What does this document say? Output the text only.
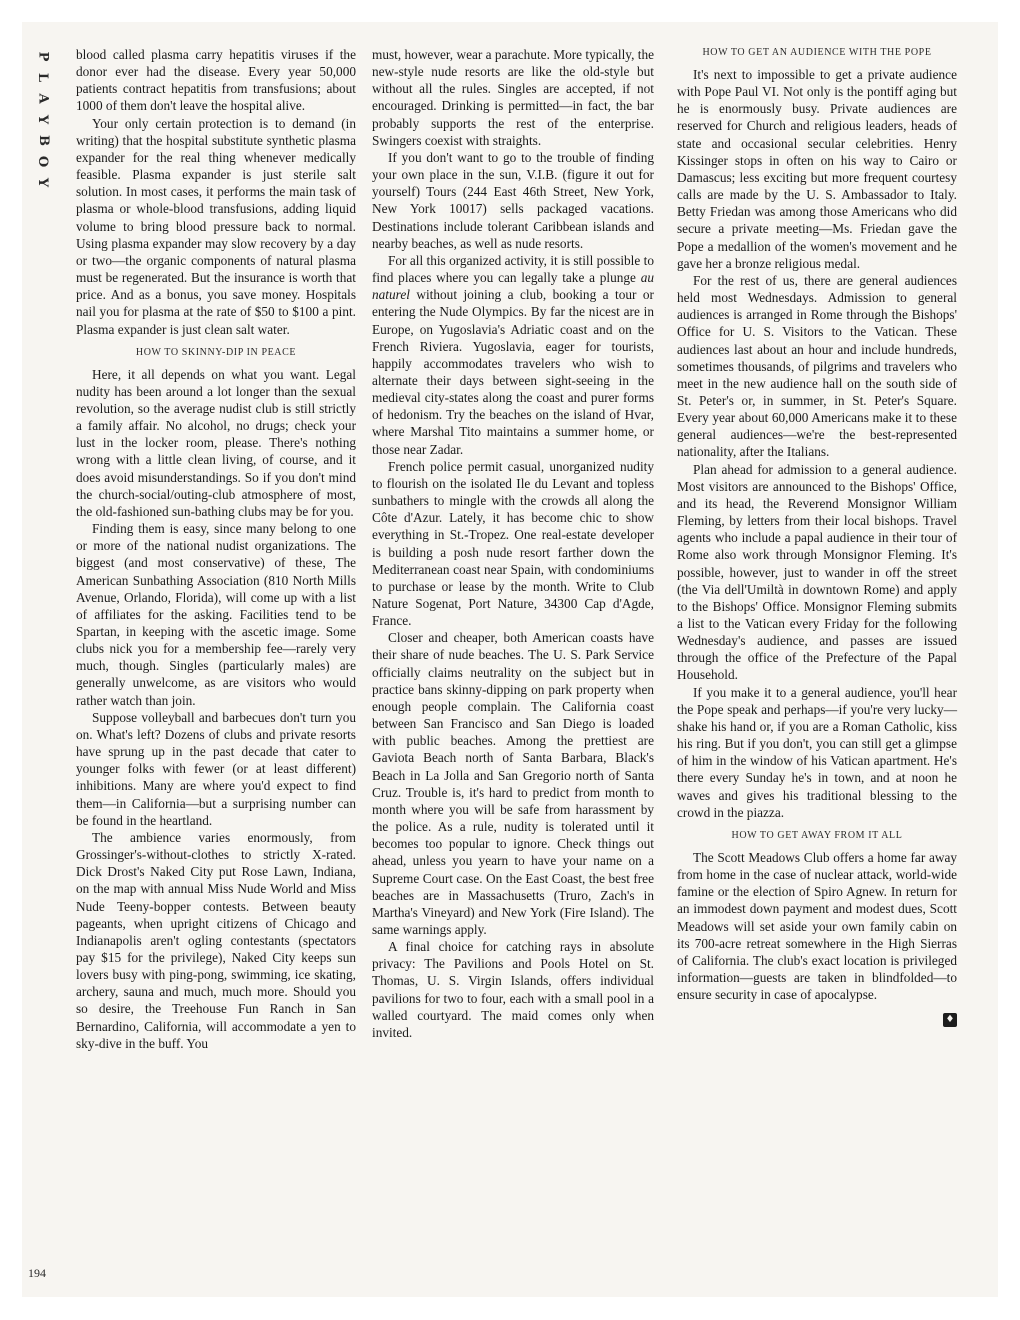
P
L
A
Y
B
O
Y

blood called plasma carry hepatitis viruses if the donor ever had the disease. Every year 50,000 patients contract hepatitis from transfusions; about 1000 of them don't leave the hospital alive.

Your only certain protection is to demand (in writing) that the hospital substitute synthetic plasma expander for the real thing whenever medically feasible. Plasma expander is just sterile salt solution. In most cases, it performs the main task of plasma or whole-blood transfusions, adding liquid volume to bring blood pressure back to normal. Using plasma expander may slow recovery by a day or two—the organic components of natural plasma must be regenerated. But the insurance is worth that price. And as a bonus, you save money. Hospitals nail you for plasma at the rate of $50 to $100 a pint. Plasma expander is just clean salt water.

HOW TO SKINNY-DIP IN PEACE

Here, it all depends on what you want. Legal nudity has been around a lot longer than the sexual revolution, so the average nudist club is still strictly a family affair. No alcohol, no drugs; check your lust in the locker room, please. There's nothing wrong with a little clean living, of course, and it does avoid misunderstandings. So if you don't mind the church-social/outing-club atmosphere of most, the old-fashioned sun-bathing clubs may be for you.

Finding them is easy, since many belong to one or more of the national nudist organizations. The biggest (and most conservative) of these, The American Sunbathing Association (810 North Mills Avenue, Orlando, Florida), will come up with a list of affiliates for the asking. Facilities tend to be Spartan, in keeping with the ascetic image. Some clubs nick you for a membership fee—rarely very much, though. Singles (particularly males) are generally unwelcome, as are visitors who would rather watch than join.

Suppose volleyball and barbecues don't turn you on. What's left? Dozens of clubs and private resorts have sprung up in the past decade that cater to younger folks with fewer (or at least different) inhibitions. Many are where you'd expect to find them—in California—but a surprising number can be found in the heartland.

The ambience varies enormously, from Grossinger's-without-clothes to strictly X-rated. Dick Drost's Naked City put Rose Lawn, Indiana, on the map with annual Miss Nude World and Miss Nude Teeny-bopper contests. Between beauty pageants, when upright citizens of Chicago and Indianapolis aren't ogling contestants (spectators pay $15 for the privilege), Naked City keeps sun lovers busy with ping-pong, swimming, ice skating, archery, sauna and much, much more. Should you so desire, the Treehouse Fun Ranch in San Bernardino, California, will accommodate a yen to sky-dive in the buff. You

must, however, wear a parachute. More typically, the new-style nude resorts are like the old-style but without all the rules. Singles are accepted, if not encouraged. Drinking is permitted—in fact, the bar probably supports the rest of the enterprise. Swingers coexist with straights.

If you don't want to go to the trouble of finding your own place in the sun, V.I.B. (figure it out for yourself) Tours (244 East 46th Street, New York, New York 10017) sells packaged vacations. Destinations include tolerant Caribbean islands and nearby beaches, as well as nude resorts.

For all this organized activity, it is still possible to find places where you can legally take a plunge au naturel without joining a club, booking a tour or entering the Nude Olympics. By far the nicest are in Europe, on Yugoslavia's Adriatic coast and on the French Riviera. Yugoslavia, eager for tourists, happily accommodates travelers who wish to alternate their days between sight-seeing in the medieval city-states along the coast and purer forms of hedonism. Try the beaches on the island of Hvar, where Marshal Tito maintains a summer home, or those near Zadar.

French police permit casual, unorganized nudity to flourish on the isolated Ile du Levant and topless sunbathers to mingle with the crowds all along the Côte d'Azur. Lately, it has become chic to show everything in St.-Tropez. One real-estate developer is building a posh nude resort farther down the Mediterranean coast near Spain, with condominiums to purchase or lease by the month. Write to Club Nature Sogenat, Port Nature, 34300 Cap d'Agde, France.

Closer and cheaper, both American coasts have their share of nude beaches. The U. S. Park Service officially claims neutrality on the subject but in practice bans skinny-dipping on park property when enough people complain. The California coast between San Francisco and San Diego is loaded with public beaches. Among the prettiest are Gaviota Beach north of Santa Barbara, Black's Beach in La Jolla and San Gregorio north of Santa Cruz. Trouble is, it's hard to predict from month to month where you will be safe from harassment by the police. As a rule, nudity is tolerated until it becomes too popular to ignore. Check things out ahead, unless you yearn to have your name on a Supreme Court case. On the East Coast, the best free beaches are in Massachusetts (Truro, Zach's in Martha's Vineyard) and New York (Fire Island). The same warnings apply.

A final choice for catching rays in absolute privacy: The Pavilions and Pools Hotel on St. Thomas, U. S. Virgin Islands, offers individual pavilions for two to four, each with a small pool in a walled courtyard. The maid comes only when invited.

HOW TO GET AN AUDIENCE WITH THE POPE

It's next to impossible to get a private audience with Pope Paul VI. Not only is the pontiff aging but he is enormously busy. Private audiences are reserved for Church and religious leaders, heads of state and occasional secular celebrities. Henry Kissinger stops in often on his way to Cairo or Damascus; less exciting but more frequent courtesy calls are made by the U. S. Ambassador to Italy. Betty Friedan was among those Americans who did secure a private meeting—Ms. Friedan gave the Pope a medallion of the women's movement and he gave her a bronze religious medal.

For the rest of us, there are general audiences held most Wednesdays. Admission to general audiences is arranged in Rome through the Bishops' Office for U. S. Visitors to the Vatican. These audiences last about an hour and include hundreds, sometimes thousands, of pilgrims and travelers who meet in the new audience hall on the south side of St. Peter's or, in summer, in St. Peter's Square. Every year about 60,000 Americans make it to these general audiences—we're the best-represented nationality, after the Italians.

Plan ahead for admission to a general audience. Most visitors are announced to the Bishops' Office, and its head, the Reverend Monsignor William Fleming, by letters from their local bishops. Travel agents who include a papal audience in their tour of Rome also work through Monsignor Fleming. It's possible, however, just to wander in off the street (the Via dell'Umiltà in downtown Rome) and apply to the Bishops' Office. Monsignor Fleming submits a list to the Vatican every Friday for the following Wednesday's audience, and passes are issued through the office of the Prefecture of the Papal Household.

If you make it to a general audience, you'll hear the Pope speak and perhaps—if you're very lucky—shake his hand or, if you are a Roman Catholic, kiss his ring. But if you don't, you can still get a glimpse of him in the window of his Vatican apartment. He's there every Sunday he's in town, and at noon he waves and gives his traditional blessing to the crowd in the piazza.

HOW TO GET AWAY FROM IT ALL

The Scott Meadows Club offers a home far away from home in the case of nuclear attack, world-wide famine or the election of Spiro Agnew. In return for an immodest down payment and modest dues, Scott Meadows will set aside your own family cabin on its 700-acre retreat somewhere in the High Sierras of California. The club's exact location is privileged information—guests are taken in blindfolded—to ensure security in case of apocalypse.

♦
194
